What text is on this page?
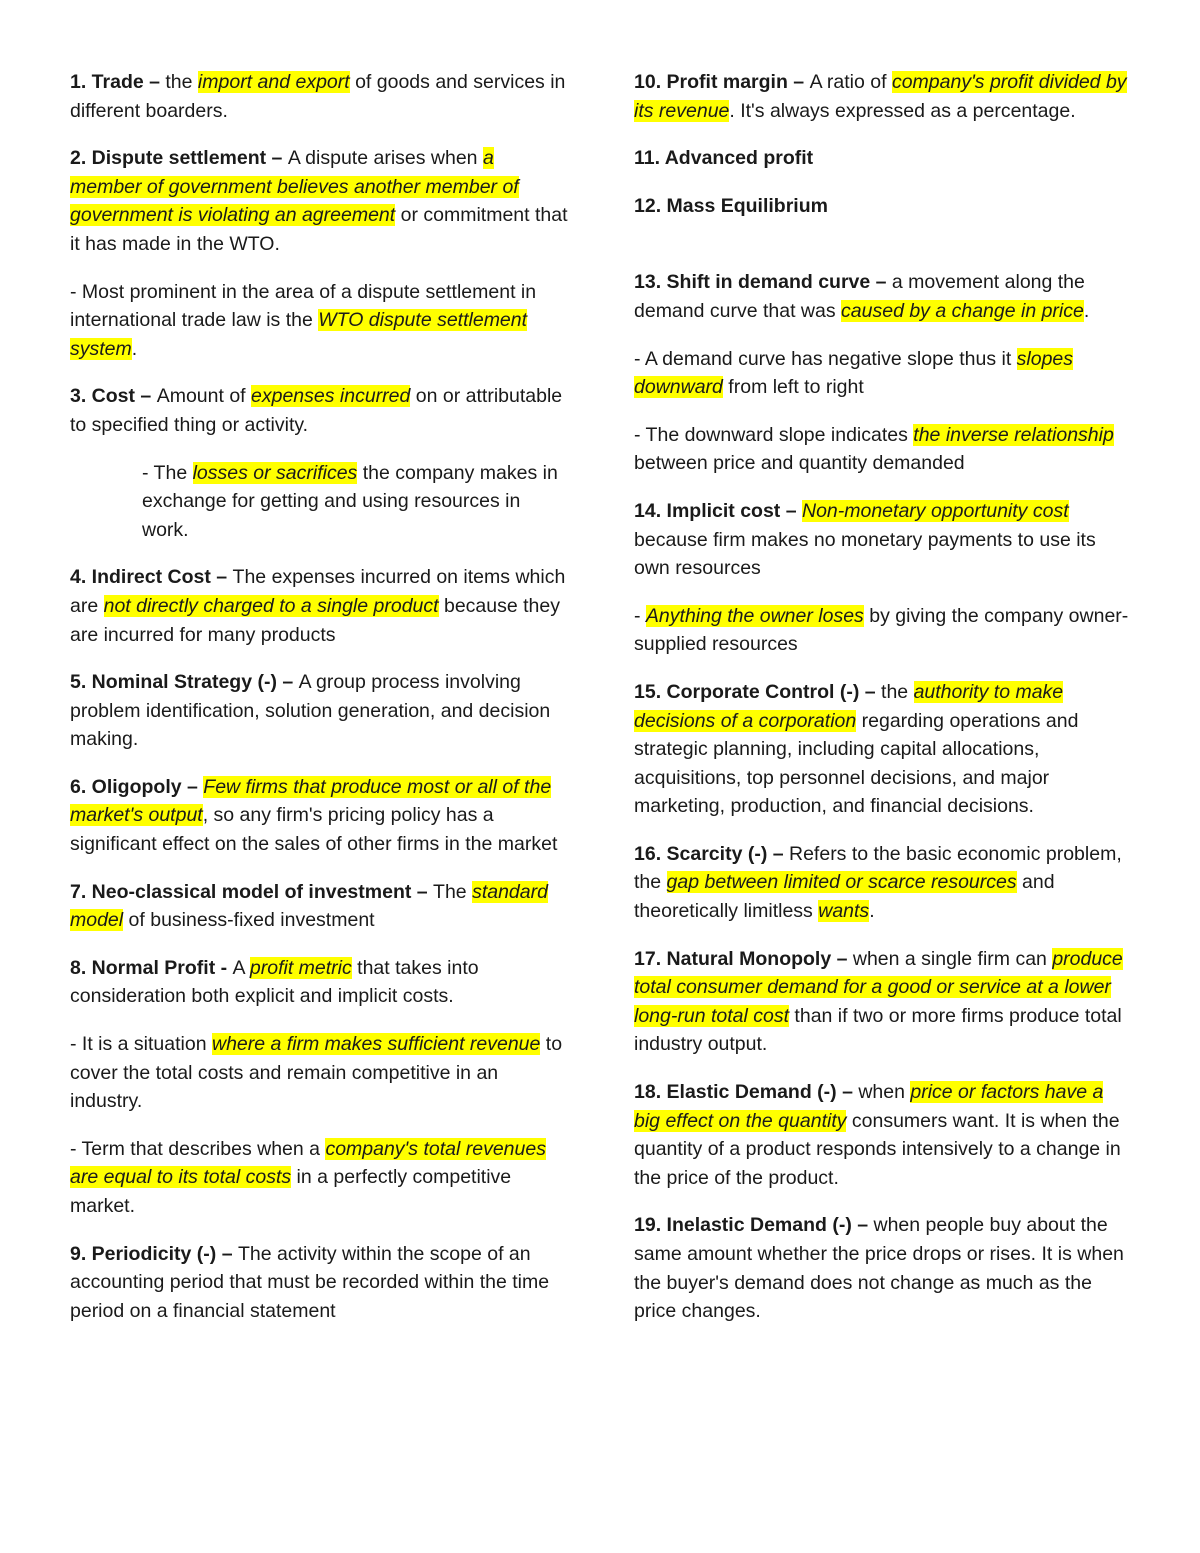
1. Trade – the import and export of goods and services in different boarders.

2. Dispute settlement – A dispute arises when a member of government believes another member of government is violating an agreement or commitment that it has made in the WTO.

- Most prominent in the area of a dispute settlement in international trade law is the WTO dispute settlement system.

3. Cost – Amount of expenses incurred on or attributable to specified thing or activity.

- The losses or sacrifices the company makes in exchange for getting and using resources in work.

4. Indirect Cost – The expenses incurred on items which are not directly charged to a single product because they are incurred for many products

5. Nominal Strategy (-) – A group process involving problem identification, solution generation, and decision making.

6. Oligopoly – Few firms that produce most or all of the market's output, so any firm's pricing policy has a significant effect on the sales of other firms in the market

7. Neo-classical model of investment – The standard model of business-fixed investment

8. Normal Profit - A profit metric that takes into consideration both explicit and implicit costs.

- It is a situation where a firm makes sufficient revenue to cover the total costs and remain competitive in an industry.

- Term that describes when a company's total revenues are equal to its total costs in a perfectly competitive market.

9. Periodicity (-) – The activity within the scope of an accounting period that must be recorded within the time period on a financial statement

10. Profit margin – A ratio of company's profit divided by its revenue. It's always expressed as a percentage.

11. Advanced profit

12. Mass Equilibrium

13. Shift in demand curve – a movement along the demand curve that was caused by a change in price.

- A demand curve has negative slope thus it slopes downward from left to right

- The downward slope indicates the inverse relationship between price and quantity demanded

14. Implicit cost – Non-monetary opportunity cost because firm makes no monetary payments to use its own resources

- Anything the owner loses by giving the company owner-supplied resources

15. Corporate Control (-) – the authority to make decisions of a corporation regarding operations and strategic planning, including capital allocations, acquisitions, top personnel decisions, and major marketing, production, and financial decisions.

16. Scarcity (-) – Refers to the basic economic problem, the gap between limited or scarce resources and theoretically limitless wants.

17. Natural Monopoly – when a single firm can produce total consumer demand for a good or service at a lower long-run total cost than if two or more firms produce total industry output.

18. Elastic Demand (-) – when price or factors have a big effect on the quantity consumers want. It is when the quantity of a product responds intensively to a change in the price of the product.

19. Inelastic Demand (-) – when people buy about the same amount whether the price drops or rises. It is when the buyer's demand does not change as much as the price changes.
